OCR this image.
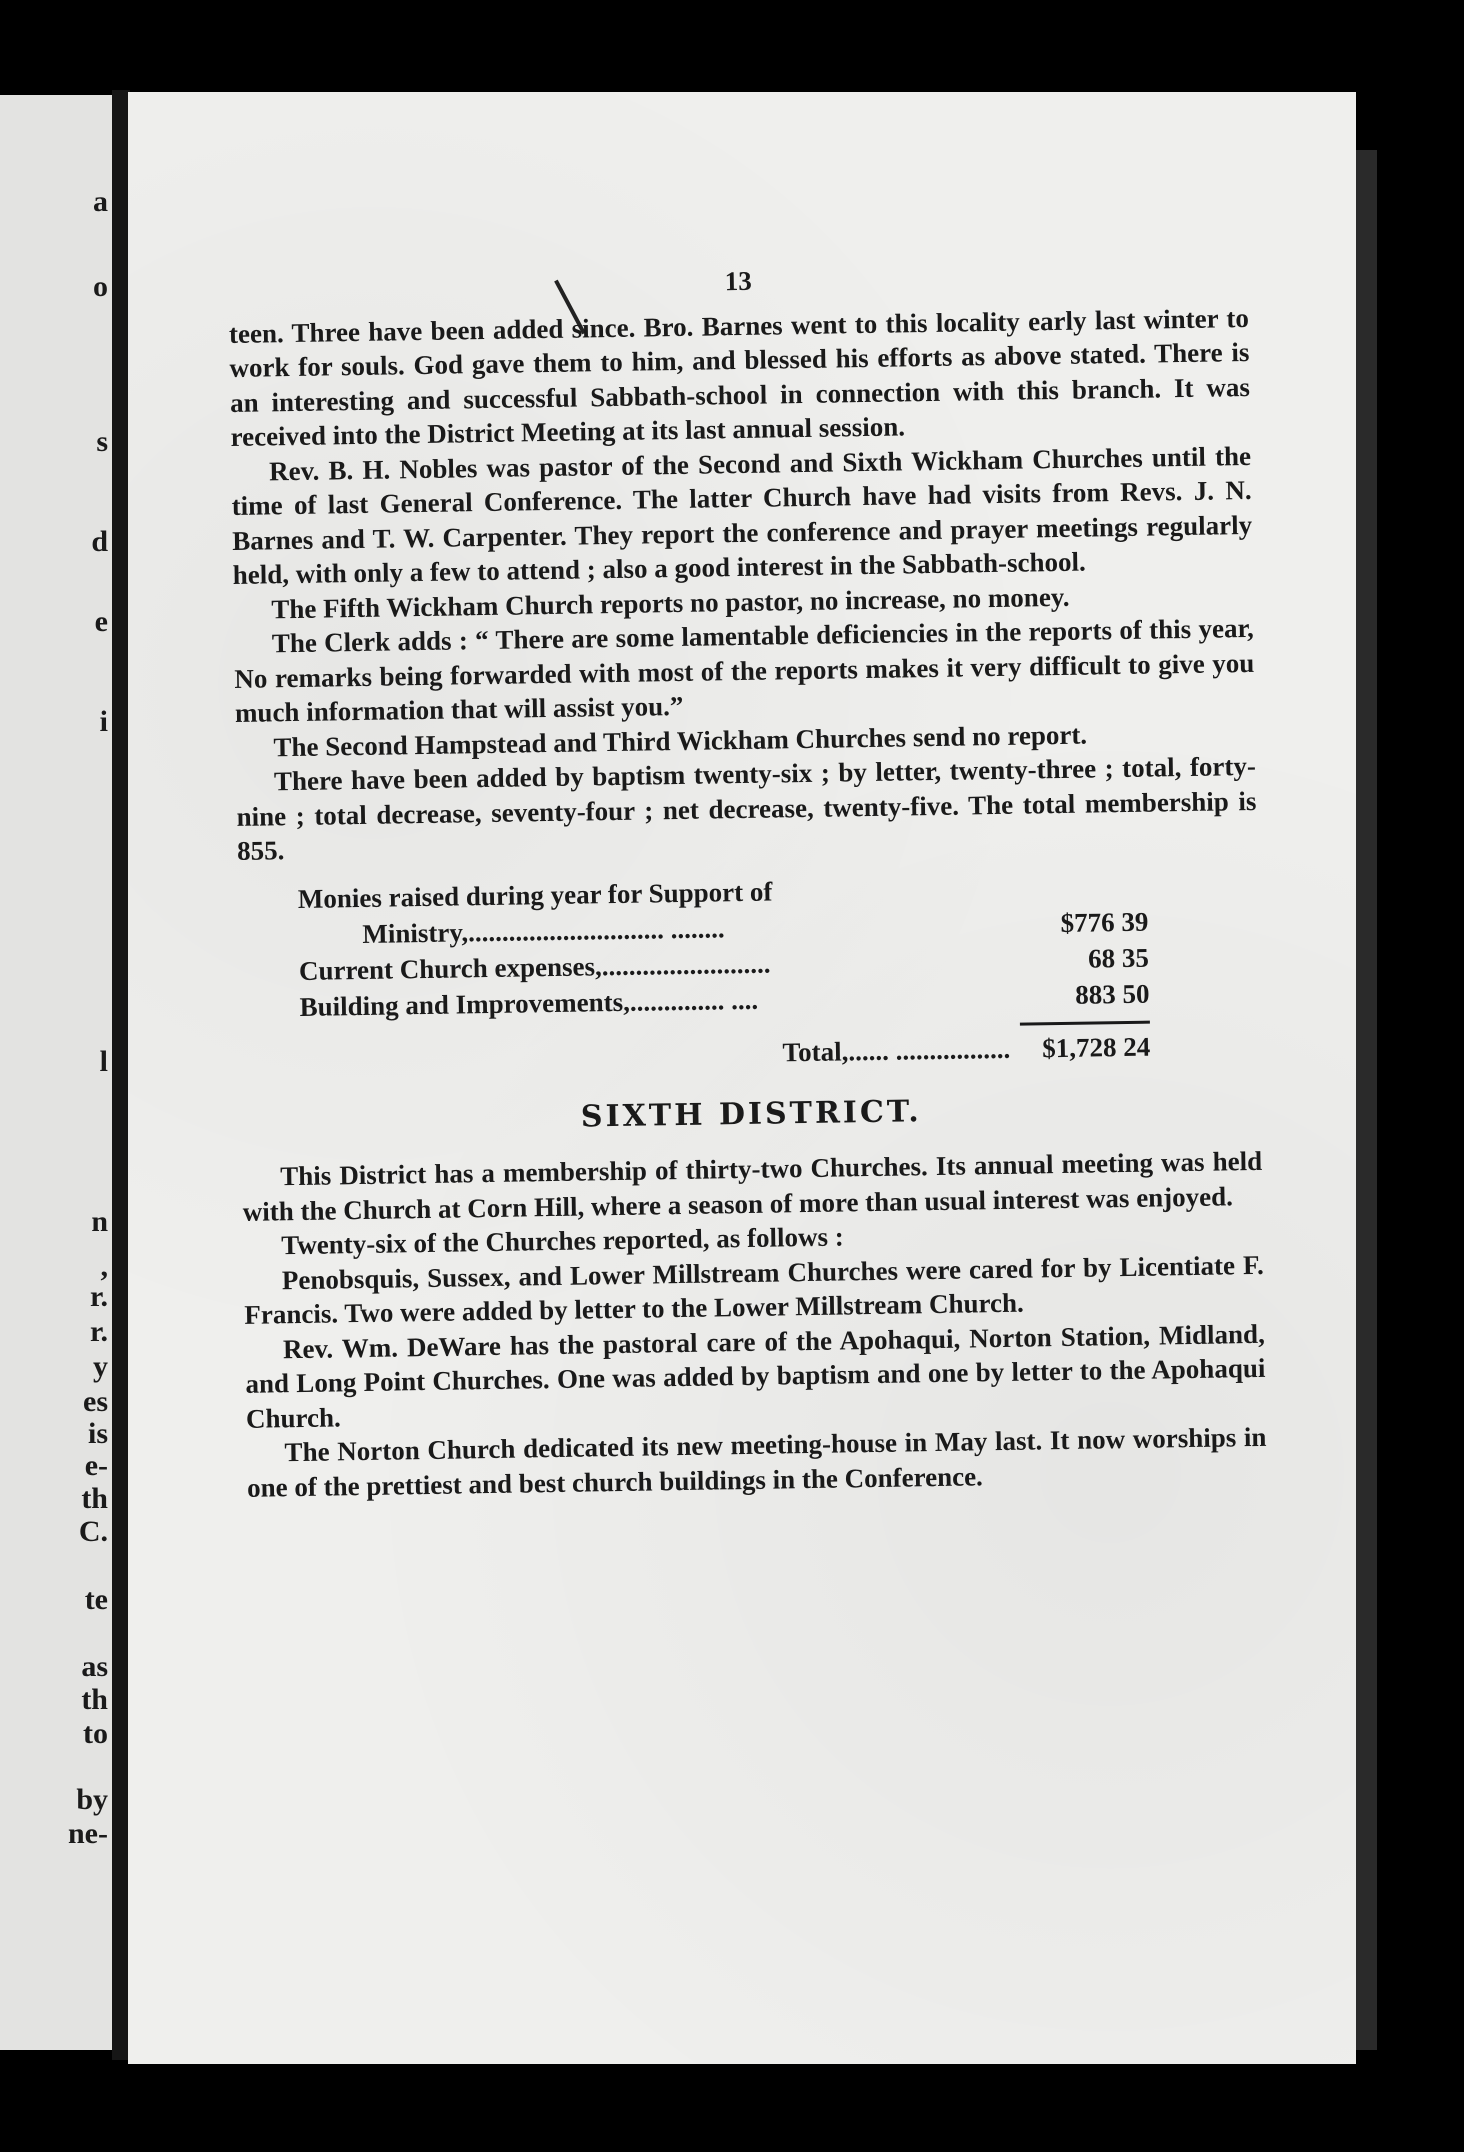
a
o
s
d
e
i
l
n
,
r.
r.
y
es
is
e-
th
C.
te
as
th
to
by
ne-
13

teen. Three have been added since. Bro. Barnes went to this locality early last winter to work for souls. God gave them to him, and blessed his efforts as above stated. There is an interesting and successful Sabbath-school in connection with this branch. It was received into the District Meeting at its last annual session.

Rev. B. H. Nobles was pastor of the Second and Sixth Wickham Churches until the time of last General Conference. The latter Church have had visits from Revs. J. N. Barnes and T. W. Carpenter. They report the conference and prayer meetings regularly held, with only a few to attend ; also a good interest in the Sabbath-school.

The Fifth Wickham Church reports no pastor, no increase, no money.

The Clerk adds : “ There are some lamentable deficiencies in the reports of this year, No remarks being forwarded with most of the reports makes it very difficult to give you much information that will assist you.”

The Second Hampstead and Third Wickham Churches send no report.

There have been added by baptism twenty-six ; by letter, twenty-three ; total, forty-nine ; total decrease, seventy-four ; net decrease, twenty-five. The total membership is 855.

Monies raised during year for Support of
Ministry,............................. ........	$776 39
Current Church expenses,.........................	68 35
Building and Improvements,.............. ....	883 50
Total,...... .................	$1,728 24
SIXTH DISTRICT.

This District has a membership of thirty-two Churches. Its annual meeting was held with the Church at Corn Hill, where a season of more than usual interest was enjoyed.

Twenty-six of the Churches reported, as follows :

Penobsquis, Sussex, and Lower Millstream Churches were cared for by Licentiate F. Francis. Two were added by letter to the Lower Millstream Church.

Rev. Wm. DeWare has the pastoral care of the Apohaqui, Norton Station, Midland, and Long Point Churches. One was added by baptism and one by letter to the Apohaqui Church.

The Norton Church dedicated its new meeting-house in May last. It now worships in one of the prettiest and best church buildings in the Conference.
